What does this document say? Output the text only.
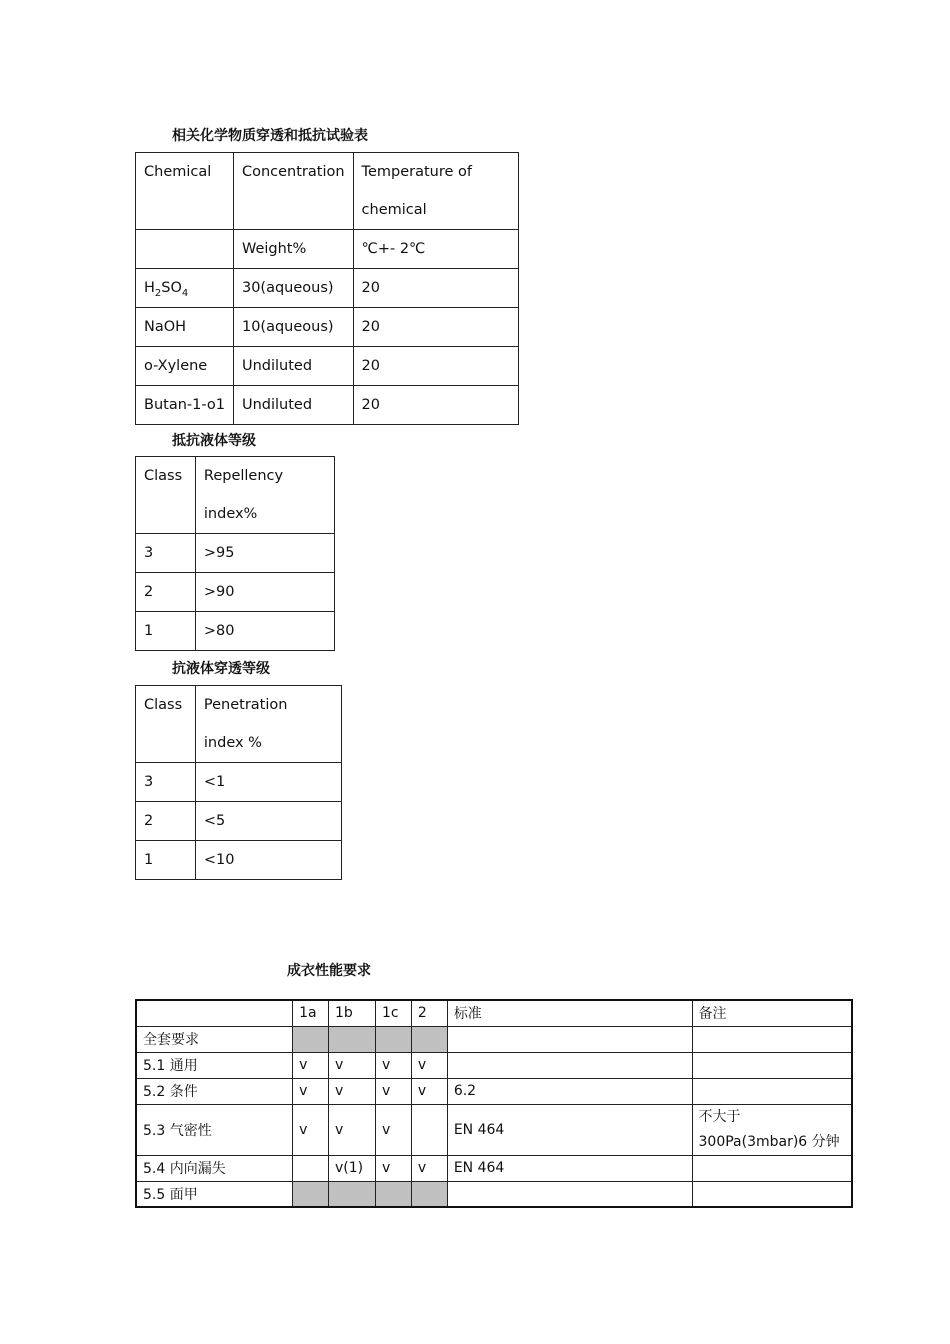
相关化学物质穿透和抵抗试验表
Chemical	Concentration	Temperature of
chemical

	Weight%	℃+- 2℃

$H_2SO_4$	30(aqueous)	20

NaOH	10(aqueous)	20

o-Xylene	Undiluted	20

Butan-1-o1	Undiluted	20
抵抗液体等级
Class	Repellency
index%

3	>95

2	>90

1	>80
抗液体穿透等级
Class	Penetration
index %

3	<1

2	<5

1	<10
成衣性能要求
	1a	1b	1c	2	标准	备注
全套要求						
5.1 通用	v	v	v	v		
5.2 条件	v	v	v	v	6.2	
5.3 气密性	v	v	v		EN 464	不大于
300Pa(3mbar)6 分钟

5.4 内向漏失		v(1)	v	v	EN 464	
5.5 面甲						
